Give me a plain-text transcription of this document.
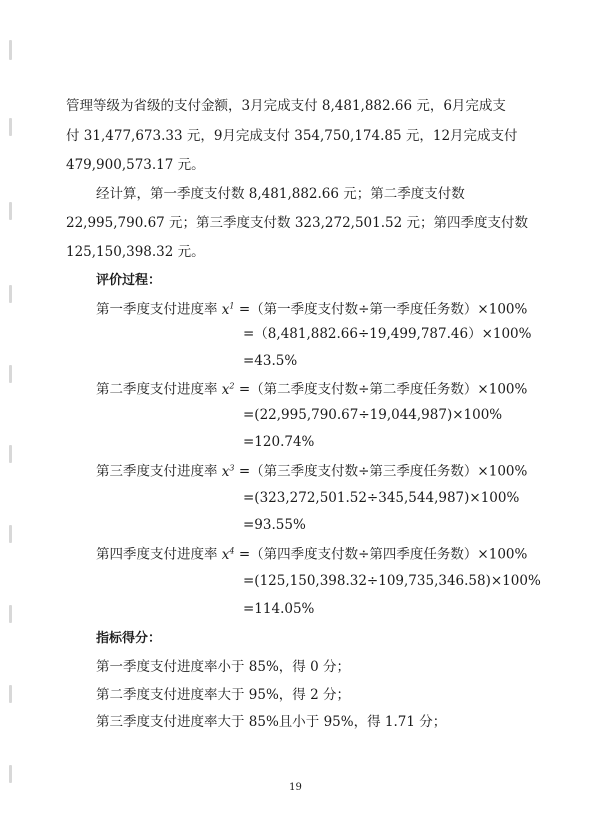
管理等级为省级的支付金额，3月完成支付 8,481,882.66 元，6月完成支
付 31,477,673.33 元，9月完成支付 354,750,174.85 元，12月完成支付
479,900,573.17 元。
经计算，第一季度支付数 8,481,882.66 元；第二季度支付数
22,995,790.67 元；第三季度支付数 323,272,501.52 元；第四季度支付数
125,150,398.32 元。
评价过程：
第一季度支付进度率 $x_1$ =（第一季度支付数÷第一季度任务数）×100%
=（8,481,882.66÷19,499,787.46）×100%
=43.5%
第二季度支付进度率 $x_2$ =（第二季度支付数÷第二季度任务数）×100%
=(22,995,790.67÷19,044,987)×100%
=120.74%
第三季度支付进度率 $x_3$ =（第三季度支付数÷第三季度任务数）×100%
=(323,272,501.52÷345,544,987)×100%
=93.55%
第四季度支付进度率 $x_4$ =（第四季度支付数÷第四季度任务数）×100%
=(125,150,398.32÷109,735,346.58)×100%
=114.05%
指标得分：
第一季度支付进度率小于 85%，得 0 分；
第二季度支付进度率大于 95%，得 2 分；
第三季度支付进度率大于 85%且小于 95%，得 1.71 分；
19
